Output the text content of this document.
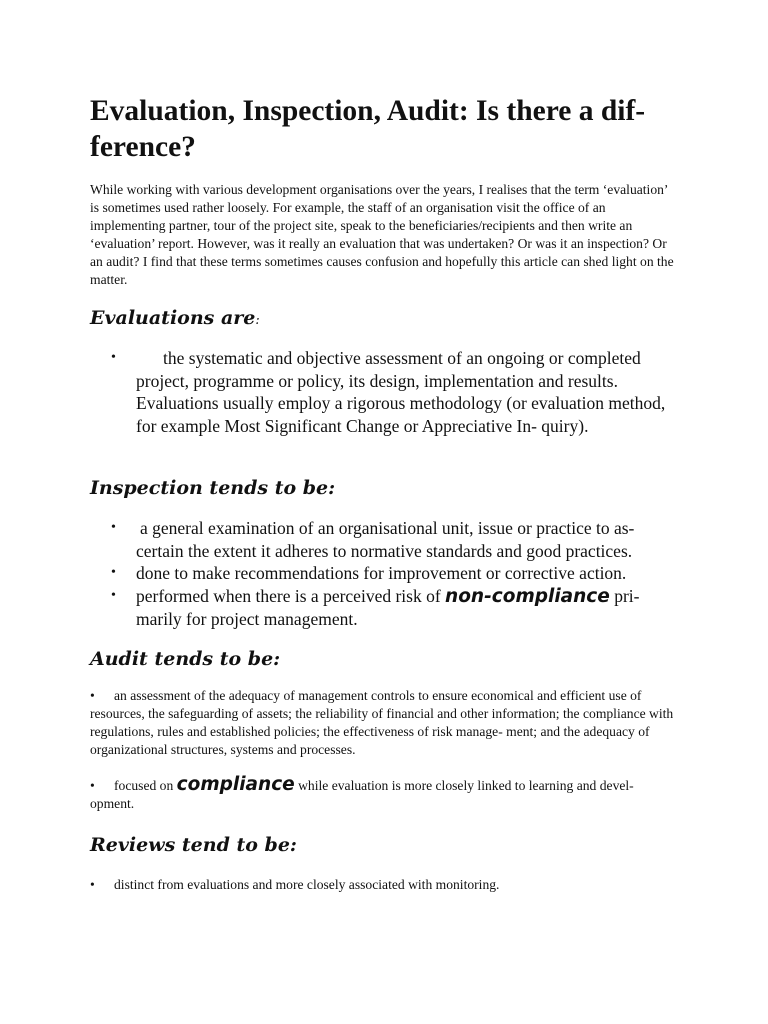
Evaluation, Inspection, Audit: Is there a dif- ference?

While working with various development organisations over the years, I realises that the term ‘evaluation’ is sometimes used rather loosely. For example, the staff of an organisation visit the office of an implementing partner, tour of the project site, speak to the beneficiaries/recipients and then write an ‘evaluation’ report. However, was it really an evaluation that was undertaken? Or was it an inspection? Or an audit? I find that these terms sometimes causes confusion and hopefully this article can shed light on the matter.

Evaluations are:
•	the systematic and objective assessment of an ongoing or completed project, programme or policy, its design, implementation and results. Evaluations usually employ a rigorous methodology (or evaluation method, for example Most Significant Change or Appreciative In- quiry).
Inspection tends to be:
• a general examination of an organisational unit, issue or practice to as- certain the extent it adheres to normative standards and good practices.
• done to make recommendations for improvement or corrective action.
• performed when there is a perceived risk of non-compliance pri- marily for project management.
Audit tends to be:

• an assessment of the adequacy of management controls to ensure economical and efficient use of resources, the safeguarding of assets; the reliability of financial and other information; the compliance with regulations, rules and established policies; the effectiveness of risk manage- ment; and the adequacy of organizational structures, systems and processes.

• focused on compliance while evaluation is more closely linked to learning and devel- opment.

Reviews tend to be:

• distinct from evaluations and more closely associated with monitoring.
